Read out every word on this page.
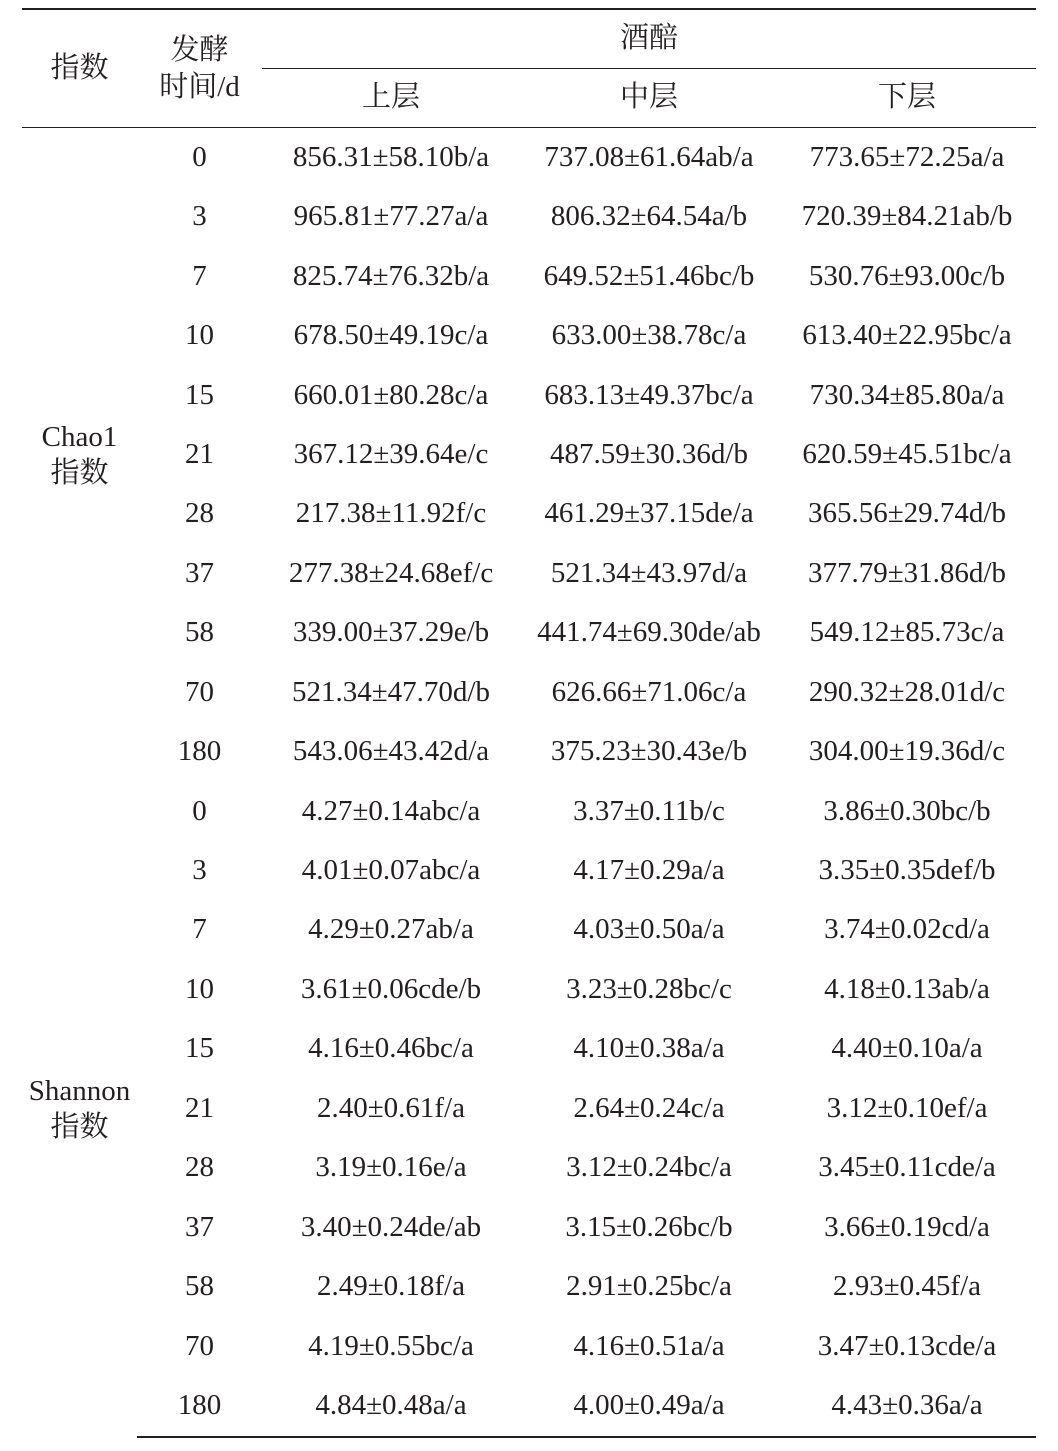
指数	发酵
时间/d	酒醅		
		上层	中层	下层

Chao1
指数	0	856.31±58.10b/a	737.08±61.64ab/a	773.65±72.25a/a
	3	965.81±77.27a/a	806.32±64.54a/b	720.39±84.21ab/b
	7	825.74±76.32b/a	649.52±51.46bc/b	530.76±93.00c/b
	10	678.50±49.19c/a	633.00±38.78c/a	613.40±22.95bc/a
	15	660.01±80.28c/a	683.13±49.37bc/a	730.34±85.80a/a
	21	367.12±39.64e/c	487.59±30.36d/b	620.59±45.51bc/a
	28	217.38±11.92f/c	461.29±37.15de/a	365.56±29.74d/b
	37	277.38±24.68ef/c	521.34±43.97d/a	377.79±31.86d/b
	58	339.00±37.29e/b	441.74±69.30de/ab	549.12±85.73c/a
	70	521.34±47.70d/b	626.66±71.06c/a	290.32±28.01d/c
	180	543.06±43.42d/a	375.23±30.43e/b	304.00±19.36d/c

Shannon
指数	0	4.27±0.14abc/a	3.37±0.11b/c	3.86±0.30bc/b
	3	4.01±0.07abc/a	4.17±0.29a/a	3.35±0.35def/b
	7	4.29±0.27ab/a	4.03±0.50a/a	3.74±0.02cd/a
	10	3.61±0.06cde/b	3.23±0.28bc/c	4.18±0.13ab/a
	15	4.16±0.46bc/a	4.10±0.38a/a	4.40±0.10a/a
	21	2.40±0.61f/a	2.64±0.24c/a	3.12±0.10ef/a
	28	3.19±0.16e/a	3.12±0.24bc/a	3.45±0.11cde/a
	37	3.40±0.24de/ab	3.15±0.26bc/b	3.66±0.19cd/a
	58	2.49±0.18f/a	2.91±0.25bc/a	2.93±0.45f/a
	70	4.19±0.55bc/a	4.16±0.51a/a	3.47±0.13cde/a
	180	4.84±0.48a/a	4.00±0.49a/a	4.43±0.36a/a
